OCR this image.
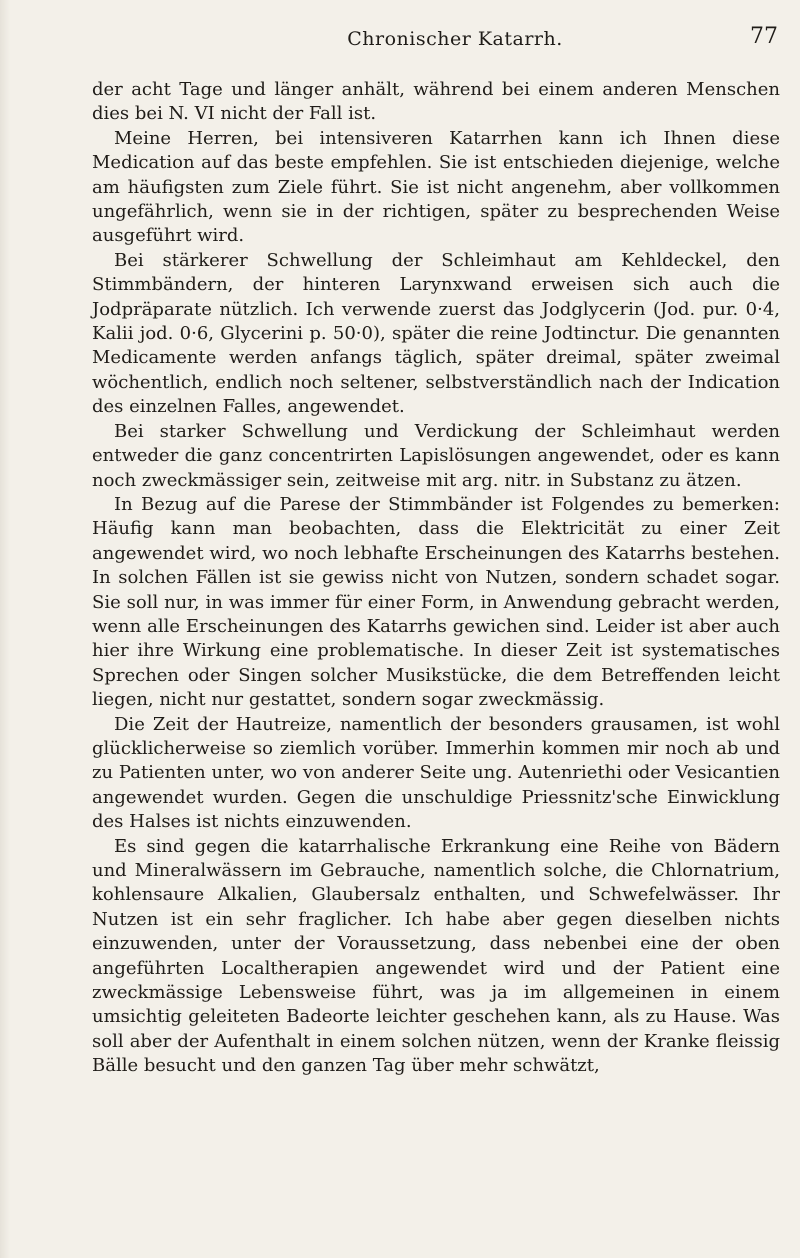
Chronischer Katarrh.	77

der acht Tage und länger anhält, während bei einem anderen Menschen dies bei N. VI nicht der Fall ist.

Meine Herren, bei intensiveren Katarrhen kann ich Ihnen diese Medication auf das beste empfehlen. Sie ist entschieden diejenige, welche am häufigsten zum Ziele führt. Sie ist nicht angenehm, aber vollkommen ungefährlich, wenn sie in der richtigen, später zu besprechenden Weise ausgeführt wird.

Bei stärkerer Schwellung der Schleimhaut am Kehldeckel, den Stimmbändern, der hinteren Larynxwand erweisen sich auch die Jodpräparate nützlich. Ich verwende zuerst das Jodglycerin (Jod. pur. 0·4, Kalii jod. 0·6, Glycerini p. 50·0), später die reine Jodtinctur. Die genannten Medicamente werden anfangs täglich, später dreimal, später zweimal wöchentlich, endlich noch seltener, selbstverständlich nach der Indication des einzelnen Falles, angewendet.

Bei starker Schwellung und Verdickung der Schleimhaut werden entweder die ganz concentrirten Lapislösungen angewendet, oder es kann noch zweckmässiger sein, zeitweise mit arg. nitr. in Substanz zu ätzen.

In Bezug auf die Parese der Stimmbänder ist Folgendes zu bemerken: Häufig kann man beobachten, dass die Elektricität zu einer Zeit angewendet wird, wo noch lebhafte Erscheinungen des Katarrhs bestehen. In solchen Fällen ist sie gewiss nicht von Nutzen, sondern schadet sogar. Sie soll nur, in was immer für einer Form, in Anwendung gebracht werden, wenn alle Erscheinungen des Katarrhs gewichen sind. Leider ist aber auch hier ihre Wirkung eine problematische. In dieser Zeit ist systematisches Sprechen oder Singen solcher Musikstücke, die dem Betreffenden leicht liegen, nicht nur gestattet, sondern sogar zweckmässig.

Die Zeit der Hautreize, namentlich der besonders grausamen, ist wohl glücklicherweise so ziemlich vorüber. Immerhin kommen mir noch ab und zu Patienten unter, wo von anderer Seite ung. Autenriethi oder Vesicantien angewendet wurden. Gegen die unschuldige Priessnitz'sche Einwicklung des Halses ist nichts einzuwenden.

Es sind gegen die katarrhalische Erkrankung eine Reihe von Bädern und Mineralwässern im Gebrauche, namentlich solche, die Chlornatrium, kohlensaure Alkalien, Glaubersalz enthalten, und Schwefelwässer. Ihr Nutzen ist ein sehr fraglicher. Ich habe aber gegen dieselben nichts einzuwenden, unter der Voraussetzung, dass nebenbei eine der oben angeführten Localtherapien angewendet wird und der Patient eine zweckmässige Lebensweise führt, was ja im allgemeinen in einem umsichtig geleiteten Badeorte leichter geschehen kann, als zu Hause. Was soll aber der Aufenthalt in einem solchen nützen, wenn der Kranke fleissig Bälle besucht und den ganzen Tag über mehr schwätzt,
